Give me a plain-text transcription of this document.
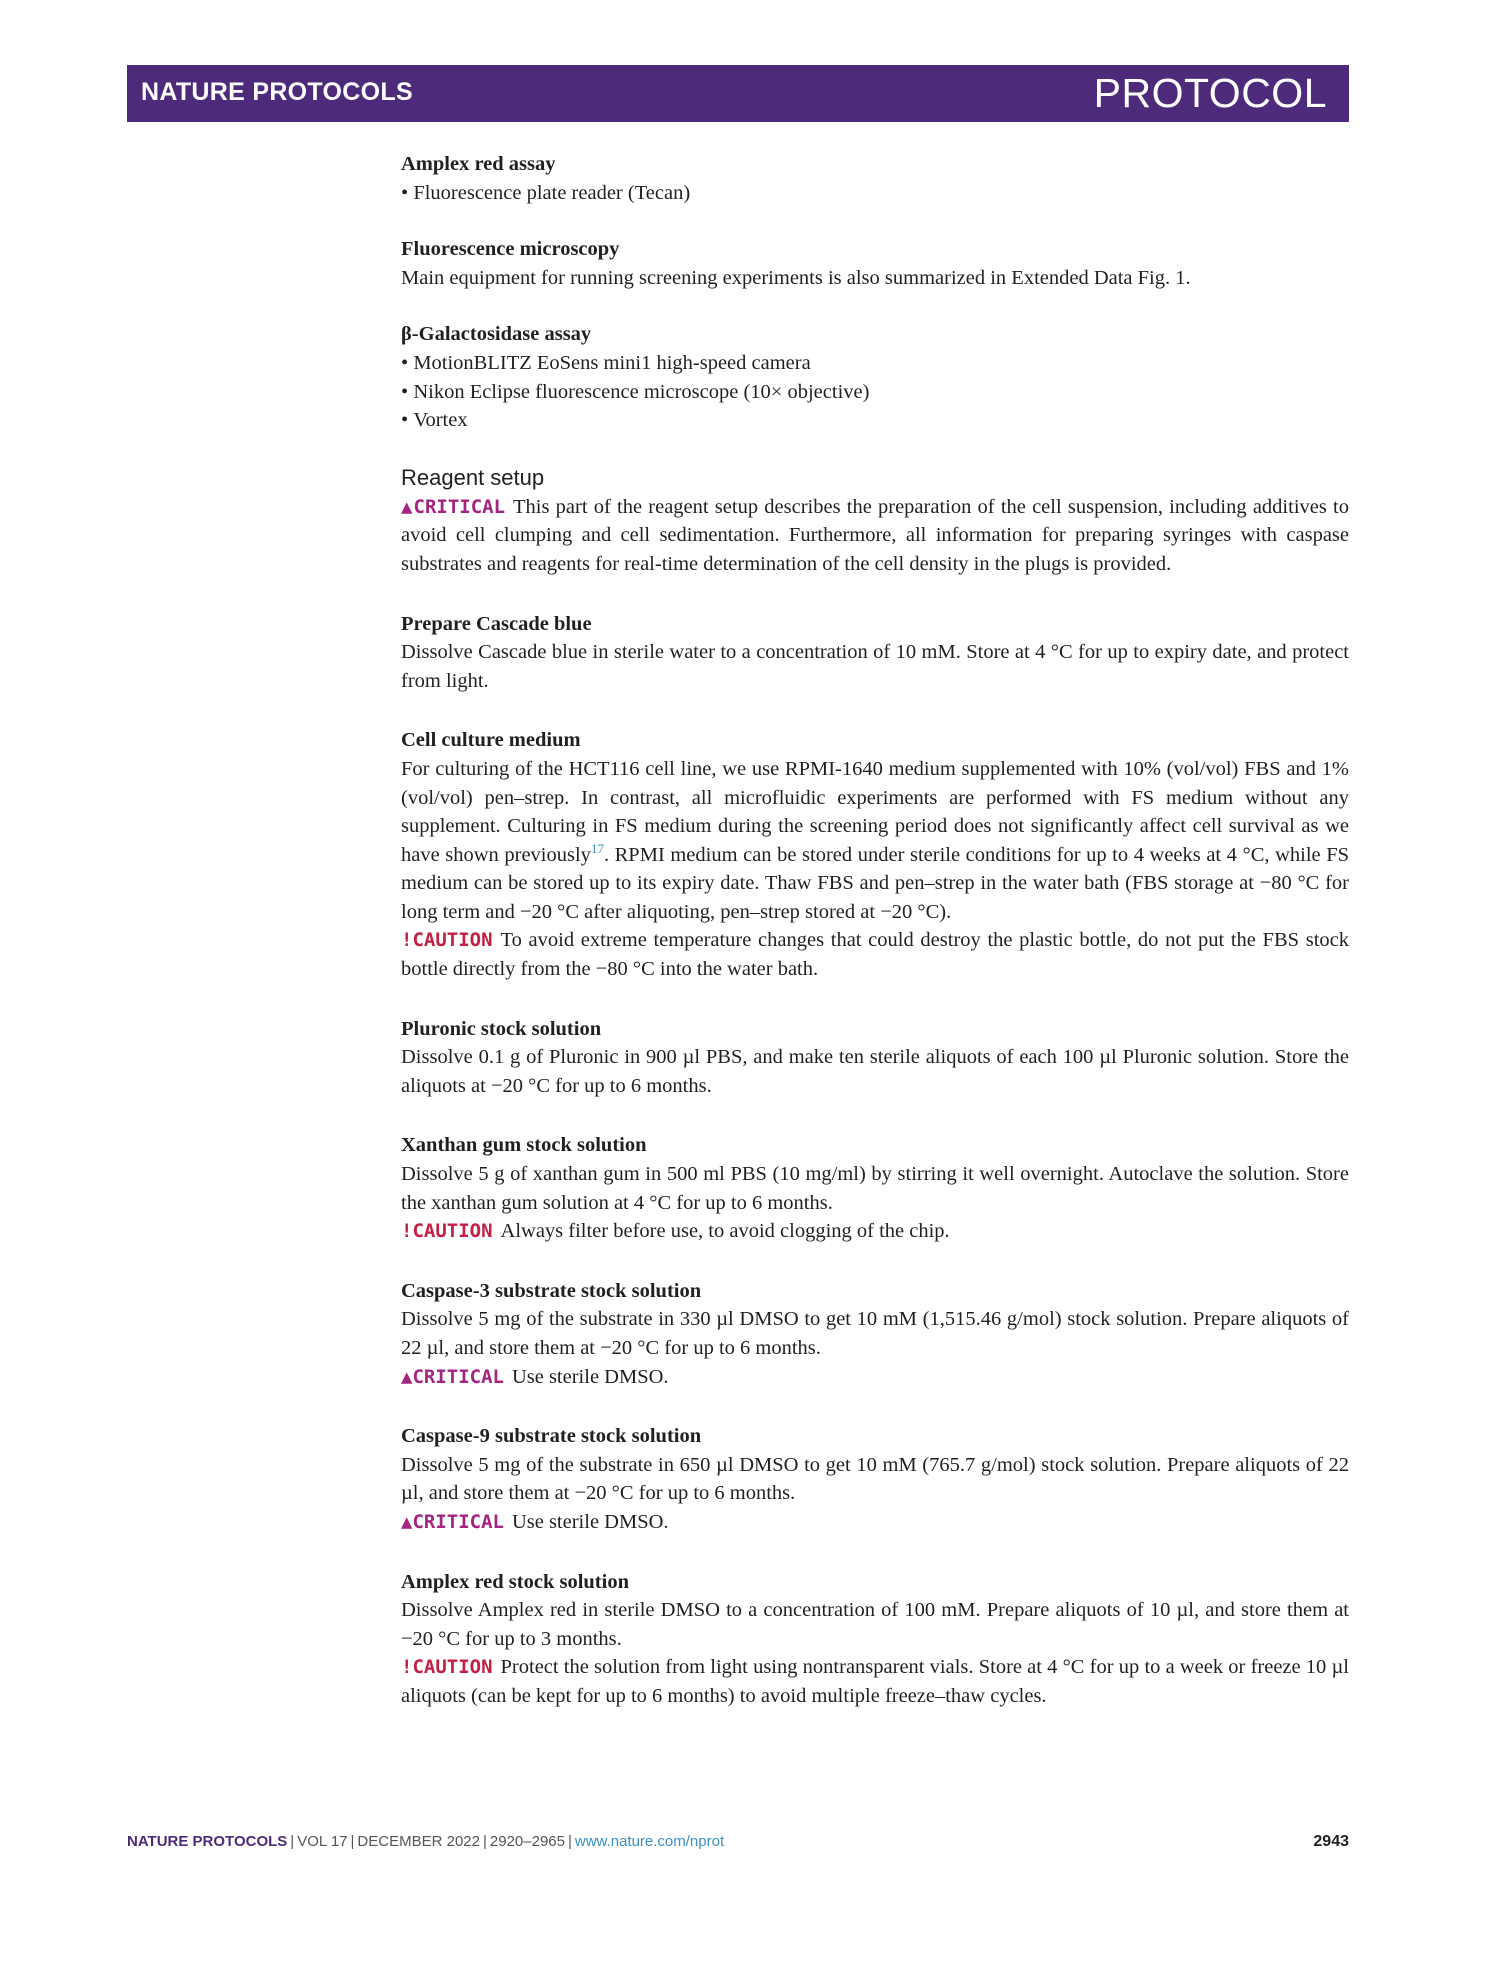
NATURE PROTOCOLS	PROTOCOL

Amplex red assay

• Fluorescence plate reader (Tecan)

Fluorescence microscopy

Main equipment for running screening experiments is also summarized in Extended Data Fig. 1.

β-Galactosidase assay

• MotionBLITZ EoSens mini1 high-speed camera

• Nikon Eclipse fluorescence microscope (10× objective)

• Vortex

Reagent setup

▲CRITICAL This part of the reagent setup describes the preparation of the cell suspension, including additives to avoid cell clumping and cell sedimentation. Furthermore, all information for preparing syringes with caspase substrates and reagents for real-time determination of the cell density in the plugs is provided.

Prepare Cascade blue

Dissolve Cascade blue in sterile water to a concentration of 10 mM. Store at 4 °C for up to expiry date, and protect from light.

Cell culture medium

For culturing of the HCT116 cell line, we use RPMI-1640 medium supplemented with 10% (vol/vol) FBS and 1% (vol/vol) pen–strep. In contrast, all microfluidic experiments are performed with FS medium without any supplement. Culturing in FS medium during the screening period does not significantly affect cell survival as we have shown previously$^{17}$. RPMI medium can be stored under sterile conditions for up to 4 weeks at 4 °C, while FS medium can be stored up to its expiry date. Thaw FBS and pen–strep in the water bath (FBS storage at −80 °C for long term and −20 °C after aliquoting, pen–strep stored at −20 °C).

!CAUTION To avoid extreme temperature changes that could destroy the plastic bottle, do not put the FBS stock bottle directly from the −80 °C into the water bath.

Pluronic stock solution

Dissolve 0.1 g of Pluronic in 900 µl PBS, and make ten sterile aliquots of each 100 µl Pluronic solution. Store the aliquots at −20 °C for up to 6 months.

Xanthan gum stock solution

Dissolve 5 g of xanthan gum in 500 ml PBS (10 mg/ml) by stirring it well overnight. Autoclave the solution. Store the xanthan gum solution at 4 °C for up to 6 months.

!CAUTION Always filter before use, to avoid clogging of the chip.

Caspase-3 substrate stock solution

Dissolve 5 mg of the substrate in 330 µl DMSO to get 10 mM (1,515.46 g/mol) stock solution. Prepare aliquots of 22 µl, and store them at −20 °C for up to 6 months.

▲CRITICAL Use sterile DMSO.

Caspase-9 substrate stock solution

Dissolve 5 mg of the substrate in 650 µl DMSO to get 10 mM (765.7 g/mol) stock solution. Prepare aliquots of 22 µl, and store them at −20 °C for up to 6 months.

▲CRITICAL Use sterile DMSO.

Amplex red stock solution

Dissolve Amplex red in sterile DMSO to a concentration of 100 mM. Prepare aliquots of 10 µl, and store them at −20 °C for up to 3 months.

!CAUTION Protect the solution from light using nontransparent vials. Store at 4 °C for up to a week or freeze 10 µl aliquots (can be kept for up to 6 months) to avoid multiple freeze–thaw cycles.

NATURE PROTOCOLS | VOL 17 | DECEMBER 2022 | 2920–2965 | www.nature.com/nprot	2943
